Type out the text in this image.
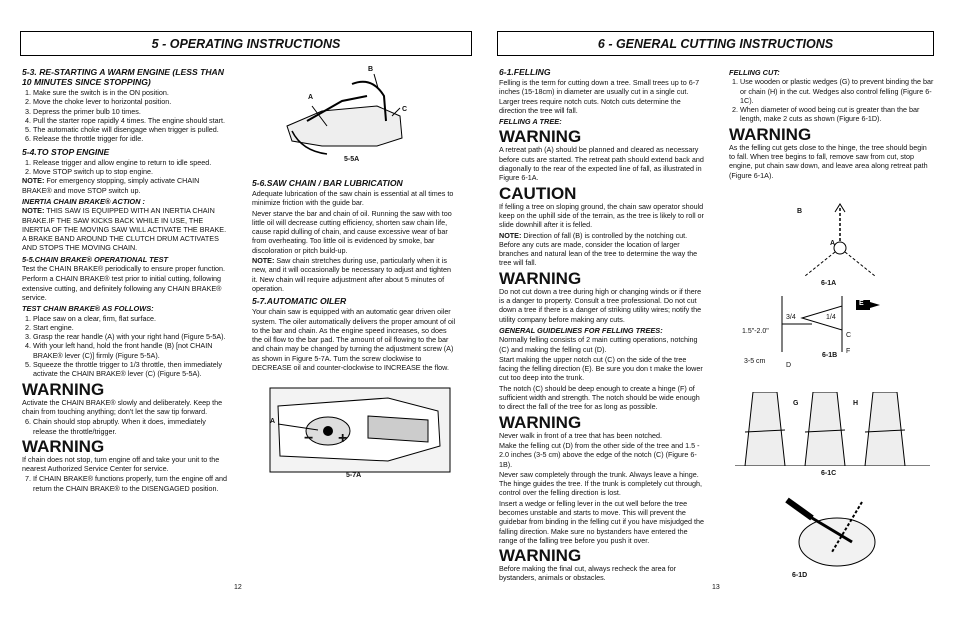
5 - OPERATING INSTRUCTIONS
5-3. RE-STARTING A WARM ENGINE (LESS THAN 10 MINUTES SINCE STOPPING)
1. Make sure the switch is in the ON position.
2. Move the choke lever to horizontal position.
3. Depress the primer bulb 10 times.
4. Pull the starter rope rapidly 4 times. The engine should start.
5. The automatic choke will disengage when trigger is pulled.
6. Release the throttle trigger for idle.
5-4.TO STOP ENGINE
1. Release trigger and allow engine to return to idle speed.
2. Move STOP switch up to stop engine.

NOTE: For emergency stopping, simply activate CHAIN BRAKE® and move STOP switch up.

INERTIA CHAIN BRAKE® ACTION :

NOTE: THIS SAW IS EQUIPPED WITH AN INERTIA CHAIN BRAKE.IF THE SAW KICKS BACK WHILE IN USE, THE INERTIA OF THE MOVING SAW WILL ACTIVATE THE BRAKE. A BRAKE BAND AROUND THE CLUTCH DRUM ACTIVATES AND STOPS THE MOVING CHAIN.

5-5.CHAIN BRAKE® OPERATIONAL TEST

Test the CHAIN BRAKE® periodically to ensure proper function.

Perform a CHAIN BRAKE® test prior to initial cutting, following extensive cutting, and definitely following any CHAIN BRAKE® service.

TEST CHAIN BRAKE® AS FOLLOWS:
1. Place saw on a clear, firm, flat surface.
2. Start engine.
3. Grasp the rear handle (A) with your right hand (Figure 5-5A).
4. With your left hand, hold the front handle (B) [not CHAIN BRAKE® lever (C)] firmly (Figure 5-5A).
5. Squeeze the throttle trigger to 1/3 throttle, then immediately activate the CHAIN BRAKE® lever (C) (Figure 5-5A).
WARNING

Activate the CHAIN BRAKE® slowly and deliberately. Keep the chain from touching anything; don't let the saw tip forward.

6. Chain should stop abruptly. When it does, immediately release the throttle/trigger.
WARNING

If chain does not stop, turn engine off and take your unit to the nearest Authorized Service Center for service.

7. If CHAIN BRAKE® functions properly, turn the engine off and return the CHAIN BRAKE® to the DISENGAGED position.
5-6.SAW CHAIN / BAR LUBRICATION

Adequate lubrication of the saw chain is essential at all times to minimize friction with the guide bar.

Never starve the bar and chain of oil. Running the saw with too little oil will decrease cutting efficiency, shorten saw chain life, cause rapid dulling of chain, and cause excessive wear of bar from overheating. Too little oil is evidenced by smoke, bar discoloration or pitch build-up.

NOTE: Saw chain stretches during use, particularly when it is new, and it will occasionally be necessary to adjust and tighten it. New chain will require adjustment after about 5 minutes of operation.

5-7.AUTOMATIC OILER

Your chain saw is equipped with an automatic gear driven oiler system. The oiler automatically delivers the proper amount of oil to the bar and chain. As the engine speed increases, so does the oil flow to the bar pad. The amount of oil flowing to the bar and chain may be changed by turning the adjustment screw (A) as shown in Figure 5-7A. Turn the screw clockwise to DECREASE oil and counter-clockwise to INCREASE the flow.

B
A
C
5-5A
A
− +
5-7A
12
6 - GENERAL CUTTING INSTRUCTIONS
6-1.FELLING

Felling is the term for cutting down a tree. Small trees up to 6-7 inches (15-18cm) in diameter are usually cut in a single cut. Larger trees require notch cuts. Notch cuts determine the direction the tree will fall.

FELLING A TREE:
WARNING

A retreat path (A) should be planned and cleared as necessary before cuts are started. The retreat path should extend back and diagonally to the rear of the expected line of fall, as illustrated in Figure 6-1A.

CAUTION

If felling a tree on sloping ground, the chain saw operator should keep on the uphill side of the terrain, as the tree is likely to roll or slide downhill after it is felled.

NOTE: Direction of fall (B) is controlled by the notching cut. Before any cuts are made, consider the location of larger branches and natural lean of the tree to determine the way the tree will fall.

WARNING

Do not cut down a tree during high or changing winds or if there is a danger to property. Consult a tree professional. Do not cut down a tree if there is a danger of striking utility wires; notify the utility company before making any cuts.

GENERAL GUIDELINES FOR FELLING TREES:

Normally felling consists of 2 main cutting operations, notching (C) and making the felling cut (D).

Start making the upper notch cut (C) on the side of the tree facing the felling direction (E). Be sure you don t make the lower cut too deep into the trunk.

The notch (C) should be deep enough to create a hinge (F) of sufficient width and strength. The notch should be wide enough to direct the fall of the tree for as long as possible.

WARNING

Never walk in front of a tree that has been notched.

Make the felling cut (D) from the other side of the tree and 1.5 - 2.0 inches (3-5 cm) above the edge of the notch (C) (Figure 6-1B).

Never saw completely through the trunk. Always leave a hinge. The hinge guides the tree. If the trunk is completely cut through, control over the felling direction is lost.

Insert a wedge or felling lever in the cut well before the tree becomes unstable and starts to move. This will prevent the guidebar from binding in the felling cut if you have misjudged the falling direction. Make sure no bystanders have entered the range of the falling tree before you push it over.

WARNING

Before making the final cut, always recheck the area for bystanders, animals or obstacles.

FELLING CUT:
1. Use wooden or plastic wedges (G) to prevent binding the bar or chain (H) in the cut. Wedges also control felling (Figure 6-1C).
2. When diameter of wood being cut is greater than the bar length, make 2 cuts as shown (Figure 6-1D).
WARNING

As the felling cut gets close to the hinge, the tree should begin to fall. When tree begins to fall, remove saw from cut, stop engine, put chain saw down, and leave area along retreat path (Figure 6-1A).

B
A
6-1A
E
1.5"-2.0"
3-5 cm
3/4	1/4
C
F
D
6-1B
G	H
6-1C
6-1D
13
